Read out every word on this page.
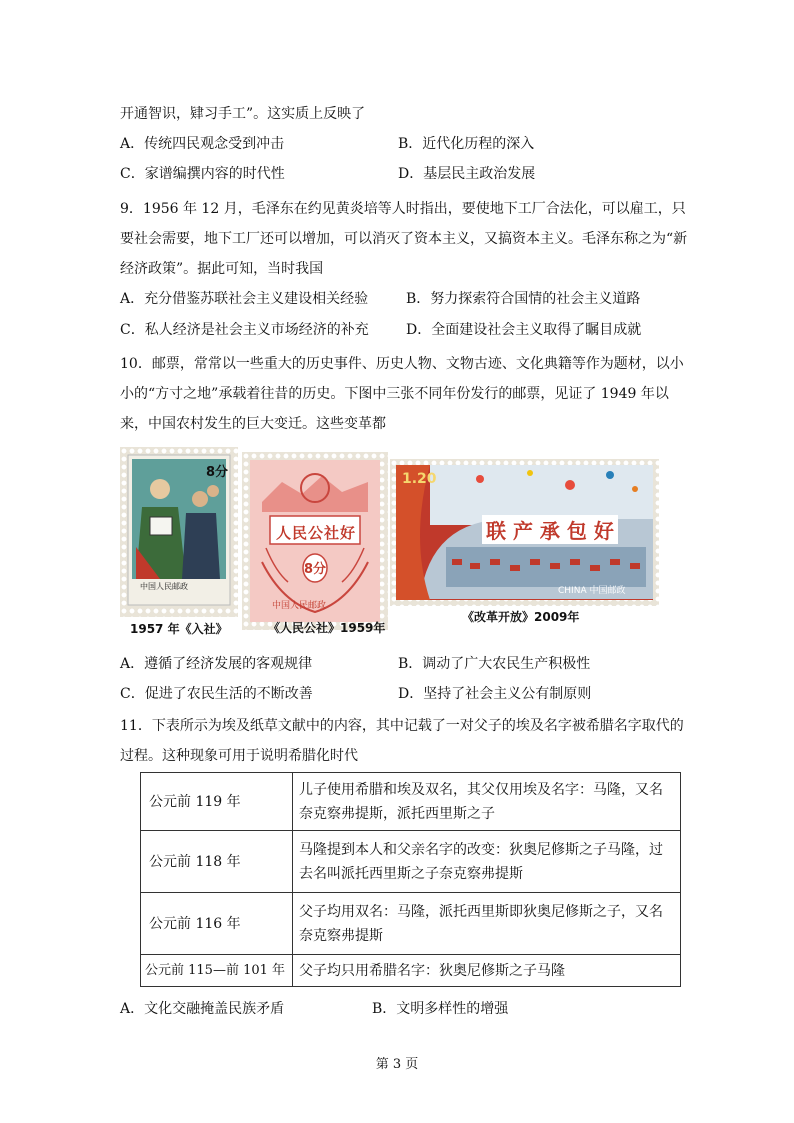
开通智识，肄习手工”。这实质上反映了
A．传统四民观念受到冲击	B．近代化历程的深入
C．家谱编撰内容的时代性	D．基层民主政治发展
9．1956 年 12 月，毛泽东在约见黄炎培等人时指出，要使地下工厂合法化，可以雇工，只
要社会需要，地下工厂还可以增加，可以消灭了资本主义，又搞资本主义。毛泽东称之为“新
经济政策”。据此可知，当时我国
A．充分借鉴苏联社会主义建设相关经验	B．努力探索符合国情的社会主义道路
C．私人经济是社会主义市场经济的补充	D．全面建设社会主义取得了瞩目成就
10．邮票，常常以一些重大的历史事件、历史人物、文物古迹、文化典籍等作为题材，以小
小的“方寸之地”承载着往昔的历史。下图中三张不同年份发行的邮票，见证了 1949 年以
来，中国农村发生的巨大变迁。这些变革都
8分
中国人民邮政
1957 年《入社》
人民公社好
8分
中国人民邮政
《人民公社》1959年
1.20
联 产 承 包 好
CHINA 中国邮政
《改革开放》2009年
A．遵循了经济发展的客观规律	B．调动了广大农民生产积极性
C．促进了农民生活的不断改善	D．坚持了社会主义公有制原则
11．下表所示为埃及纸草文献中的内容，其中记载了一对父子的埃及名字被希腊名字取代的
过程。这种现象可用于说明希腊化时代
公元前 119 年	儿子使用希腊和埃及双名，其父仅用埃及名字：马隆，又名奈克察弗提斯，派托西里斯之子
公元前 118 年	马隆提到本人和父亲名字的改变：狄奥尼修斯之子马隆，过去名叫派托西里斯之子奈克察弗提斯
公元前 116 年	父子均用双名：马隆，派托西里斯即狄奥尼修斯之子，又名奈克察弗提斯
公元前 115—前 101 年	父子均只用希腊名字：狄奥尼修斯之子马隆
A．文化交融掩盖民族矛盾	B．文明多样性的增强
第 3 页
